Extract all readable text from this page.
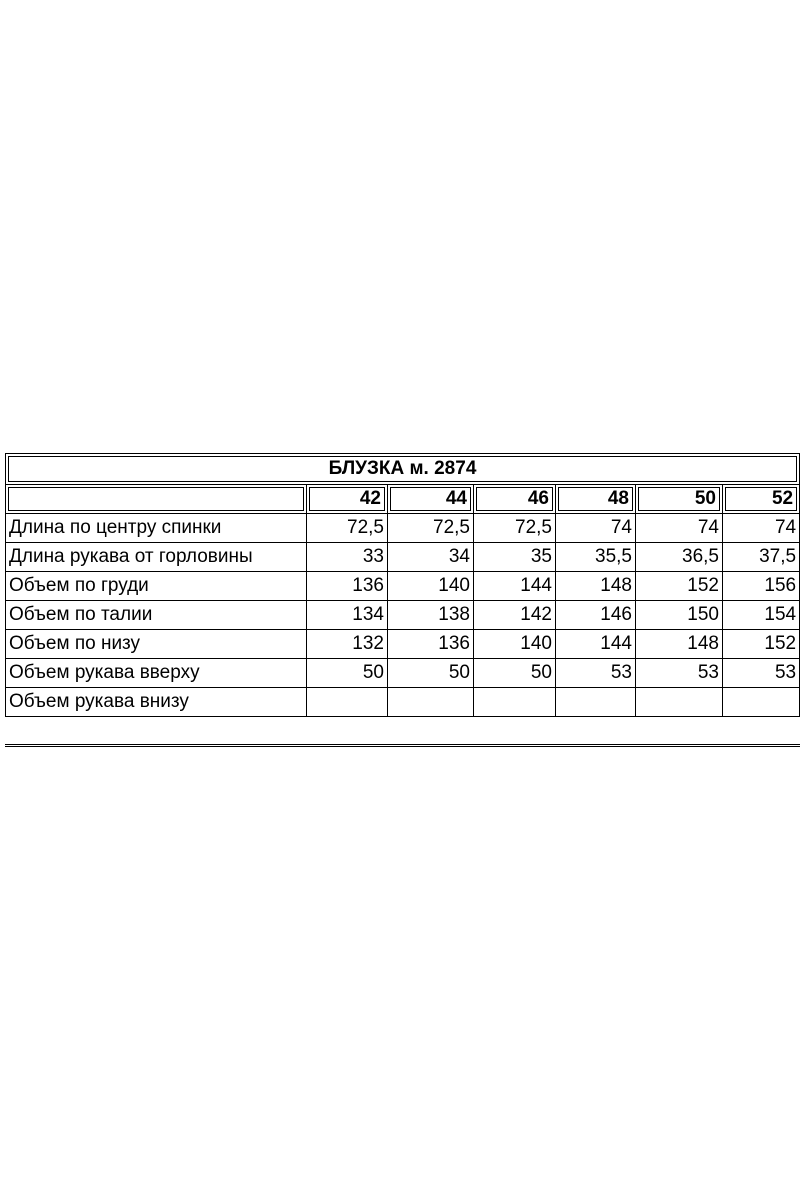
БЛУЗКА м. 2874						
	42	44	46	48	50	52
Длина по центру спинки	72,5	72,5	72,5	74	74	74
Длина рукава от горловины	33	34	35	35,5	36,5	37,5
Объем по груди	136	140	144	148	152	156
Объем по талии	134	138	142	146	150	154
Объем по низу	132	136	140	144	148	152
Объем рукава вверху	50	50	50	53	53	53
Объем рукава внизу						
